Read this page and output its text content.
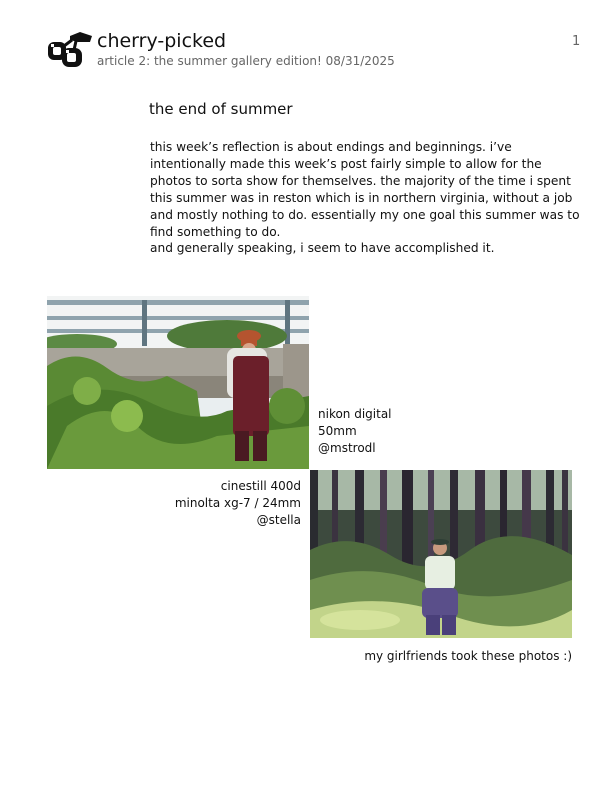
cherry-picked
article 2: the summer gallery edition! 08/31/2025
1
the end of summer

this week’s reflection is about endings and beginnings. i’ve intentionally made this week’s post fairly simple to allow for the photos to sorta show for themselves. the majority of the time i spent this summer was in reston which is in northern virginia, without a job and mostly nothing to do. essentially my one goal this summer was to find something to do.

and generally speaking, i seem to have accomplished it.

nikon digital
50mm
@mstrodl
cinestill 400d
minolta xg-7 / 24mm
@stella
my girlfriends took these photos :)
